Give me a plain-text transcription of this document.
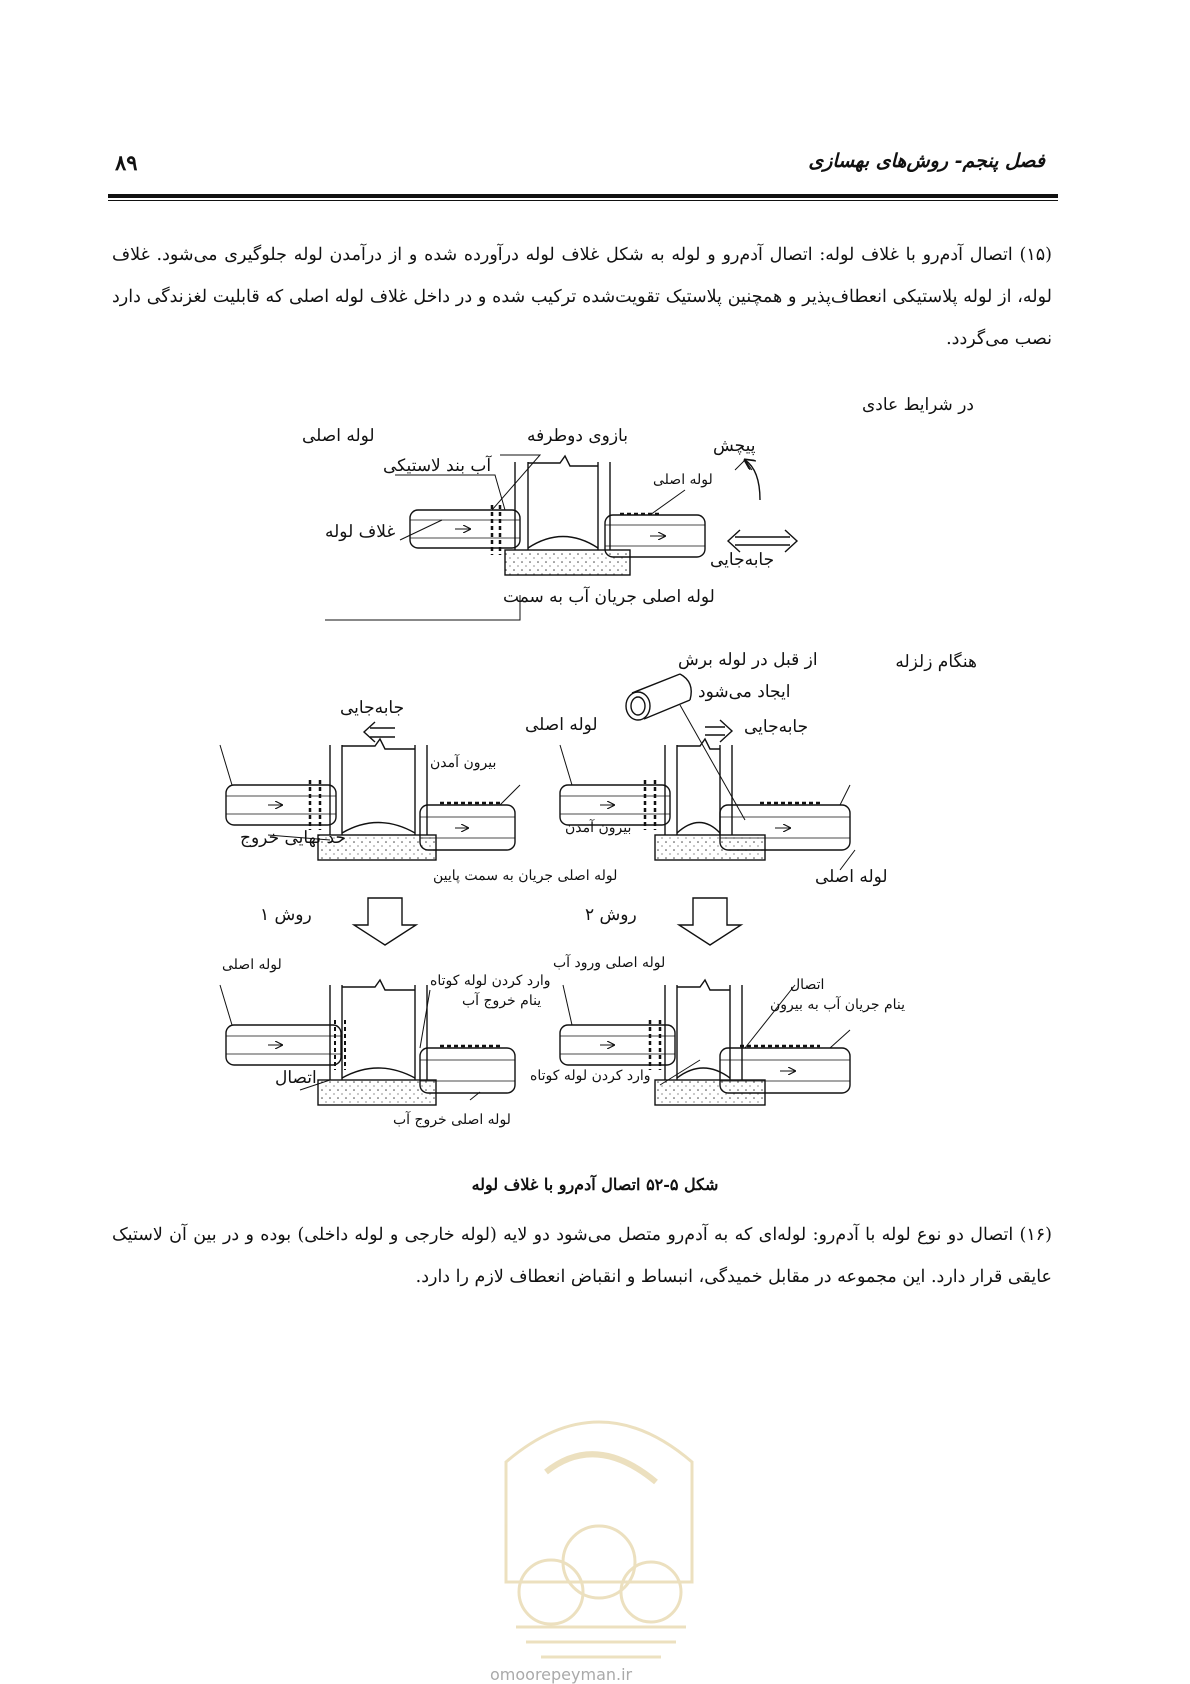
فصل پنجم- روش‌های بهسازی
۸۹
(۱۵) اتصال آدم‌رو با غلاف لوله: اتصال آدم‌رو و لوله به شکل غلاف لوله درآورده شده و از درآمدن لوله جلوگیری می‌شود. غلاف لوله، از لوله پلاستیکی انعطاف‌پذیر و همچنین پلاستیک تقویت‌شده ترکیب شده و در داخل غلاف لوله اصلی که قابلیت لغزندگی دارد نصب می‌گردد.
در شرایط عادی
لوله اصلی	بازوی دوطرفه	پیچش
آب بند لاستیکی
لوله اصلی
غلاف لوله
جابه‌جایی
لوله اصلی جریان آب به سمت
هنگام زلزله
از قبل در لوله برش
ایجاد می‌شود
جابه‌جایی
لوله اصلی	جابه‌جایی
بیرون آمدن
بیرون آمدن
حد نهایی خروج
لوله اصلی جریان به سمت پایین	لوله اصلی
روش ۱	روش ۲
لوله اصلی
وارد کردن لوله کوتاه
ینام خروج آب
اتصال
لوله اصلی خروج آب
لوله اصلی ورود آب
اتصال
ینام جریان آب به بیرون
وارد کردن لوله کوتاه
شکل ۵-۵۲ اتصال آدم‌رو با غلاف لوله
(۱۶) اتصال دو نوع لوله با آدم‌رو: لوله‌ای که به آدم‌رو متصل می‌شود دو لایه (لوله خارجی و لوله داخلی) بوده و در بین آن لاستیک عایقی قرار دارد. این مجموعه در مقابل خمیدگی، انبساط و انقباض انعطاف لازم را دارد.
omoorepeyman.ir
